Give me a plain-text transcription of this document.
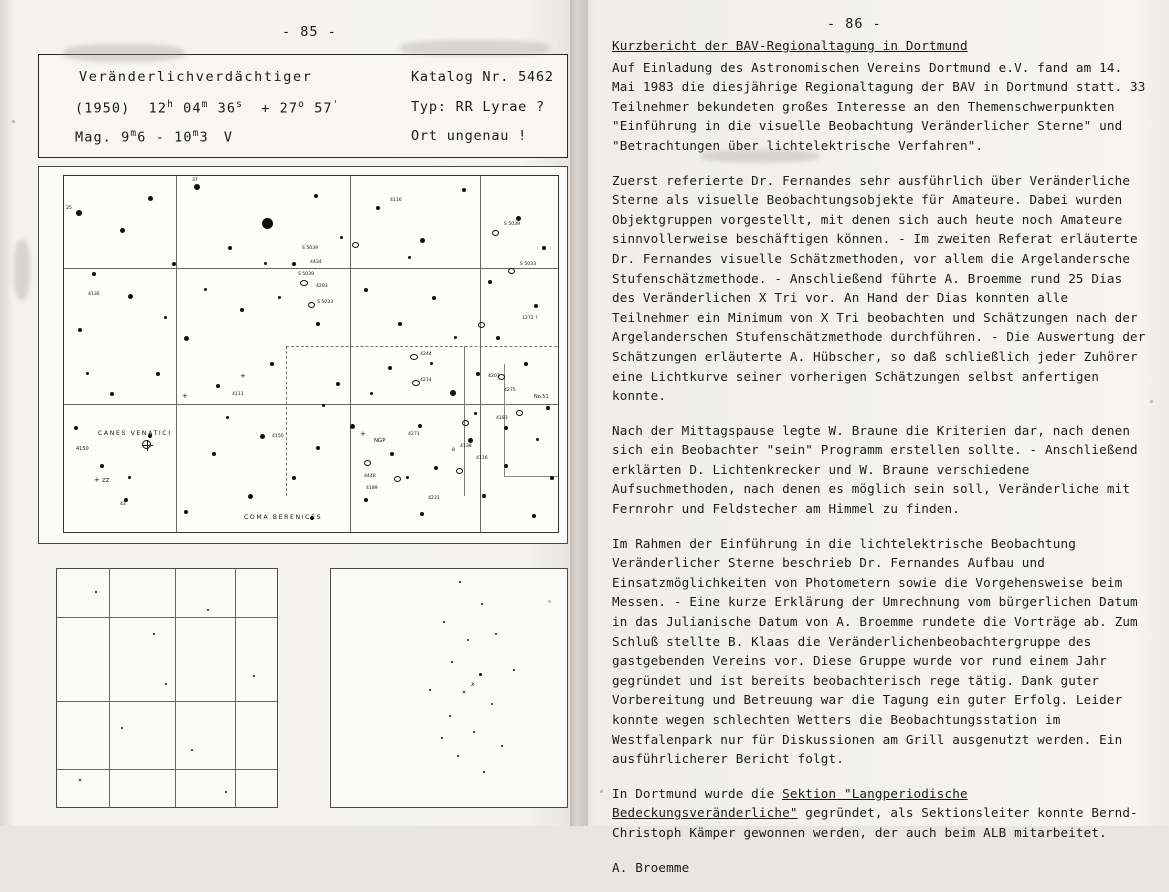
- 85 -	- 86 -
Veränderlichverdächtiger
(1950) 12$^h$ 04$^m$ $36^s + 27^o$ 57'
Mag. 9$^m$6 - 10$^m$3 V
Katalog Nr. 5462
Typ: RR Lyrae ?
Ort ungenau !
25
37
4116
S 5039
S 5033
S 5039
S 5033
1272 ?
4244
4214
4203
4183
4138
4116
4231
4448
S 5039
4434
4293
4136
4111
4150
4275
4271
4189
No.51
43
8
NGP
ZZ
4150
CANES VENATICI
COMA BERENICES
+
+
+
+
x

Kurzbericht der BAV-Regionaltagung in Dortmund

Auf Einladung des Astronomischen Vereins Dortmund e.V. fand am 14. Mai 1983 die diesjährige Regionaltagung der BAV in Dortmund statt. 33 Teilnehmer bekundeten großes Interesse an den Themenschwerpunkten "Einführung in die visuelle Beobachtung Veränderlicher Sterne" und "Betrachtungen über lichtelektrische Verfahren".

Zuerst referierte Dr. Fernandes sehr ausführlich über Veränderliche Sterne als visuelle Beobachtungsobjekte für Amateure. Dabei wurden Objektgruppen vorgestellt, mit denen sich auch heute noch Amateure sinnvollerweise beschäftigen können. - Im zweiten Referat erläuterte Dr. Fernandes visuelle Schätzmethoden, vor allem die Argelandersche Stufenschätzmethode. - Anschließend führte A. Broemme rund 25 Dias des Veränderlichen X Tri vor. An Hand der Dias konnten alle Teilnehmer ein Minimum von X Tri beobachten und Schätzungen nach der Argelanderschen Stufenschätzmethode durchführen. - Die Auswertung der Schätzungen erläuterte A. Hübscher, so daß schließlich jeder Zuhörer eine Lichtkurve seiner vorherigen Schätzungen selbst anfertigen konnte.

Nach der Mittagspause legte W. Braune die Kriterien dar, nach denen sich ein Beobachter "sein" Programm erstellen sollte. - Anschließend erklärten D. Lichtenkrecker und W. Braune verschiedene Aufsuchmethoden, nach denen es möglich sein soll, Veränderliche mit Fernrohr und Feldstecher am Himmel zu finden.

Im Rahmen der Einführung in die lichtelektrische Beobachtung Veränderlicher Sterne beschrieb Dr. Fernandes Aufbau und Einsatzmöglichkeiten von Photometern sowie die Vorgehensweise beim Messen. - Eine kurze Erklärung der Umrechnung vom bürgerlichen Datum in das Julianische Datum von A. Broemme rundete die Vorträge ab. Zum Schluß stellte B. Klaas die Veränderlichenbeobachtergruppe des gastgebenden Vereins vor. Diese Gruppe wurde vor rund einem Jahr gegründet und ist bereits beobachterisch rege tätig. Dank guter Vorbereitung und Betreuung war die Tagung ein guter Erfolg. Leider konnte wegen schlechten Wetters die Beobachtungsstation im Westfalenpark nur für Diskussionen am Grill ausgenutzt werden. Ein ausführlicherer Bericht folgt.

In Dortmund wurde die Sektion "Langperiodische Bedeckungsveränderliche" gegründet, als Sektionsleiter konnte Bernd-Christoph Kämper gewonnen werden, der auch beim ALB mitarbeitet.

A. Broemme
